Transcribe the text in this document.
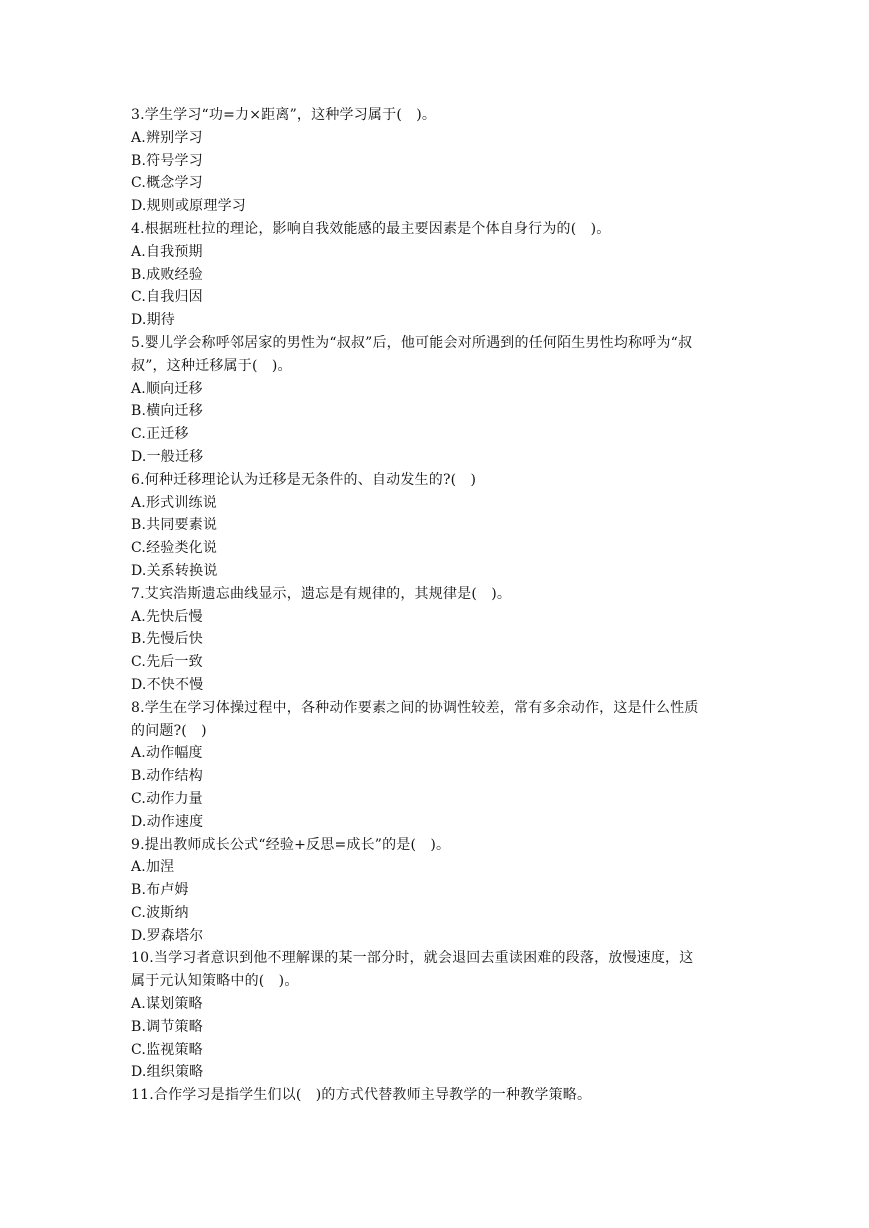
3.学生学习“功=力×距离”，这种学习属于(　)。
A.辨别学习
B.符号学习
C.概念学习
D.规则或原理学习
4.根据班杜拉的理论，影响自我效能感的最主要因素是个体自身行为的(　)。
A.自我预期
B.成败经验
C.自我归因
D.期待
5.婴儿学会称呼邻居家的男性为“叔叔”后，他可能会对所遇到的任何陌生男性均称呼为“叔
叔”，这种迁移属于(　)。
A.顺向迁移
B.横向迁移
C.正迁移
D.一般迁移
6.何种迁移理论认为迁移是无条件的、自动发生的?(　)
A.形式训练说
B.共同要素说
C.经验类化说
D.关系转换说
7.艾宾浩斯遗忘曲线显示，遗忘是有规律的，其规律是(　)。
A.先快后慢
B.先慢后快
C.先后一致
D.不快不慢
8.学生在学习体操过程中，各种动作要素之间的协调性较差，常有多余动作，这是什么性质
的问题?(　)
A.动作幅度
B.动作结构
C.动作力量
D.动作速度
9.提出教师成长公式“经验+反思=成长”的是(　)。
A.加涅
B.布卢姆
C.波斯纳
D.罗森塔尔
10.当学习者意识到他不理解课的某一部分时，就会退回去重读困难的段落，放慢速度，这
属于元认知策略中的(　)。
A.谋划策略
B.调节策略
C.监视策略
D.组织策略
11.合作学习是指学生们以(　)的方式代替教师主导教学的一种教学策略。
